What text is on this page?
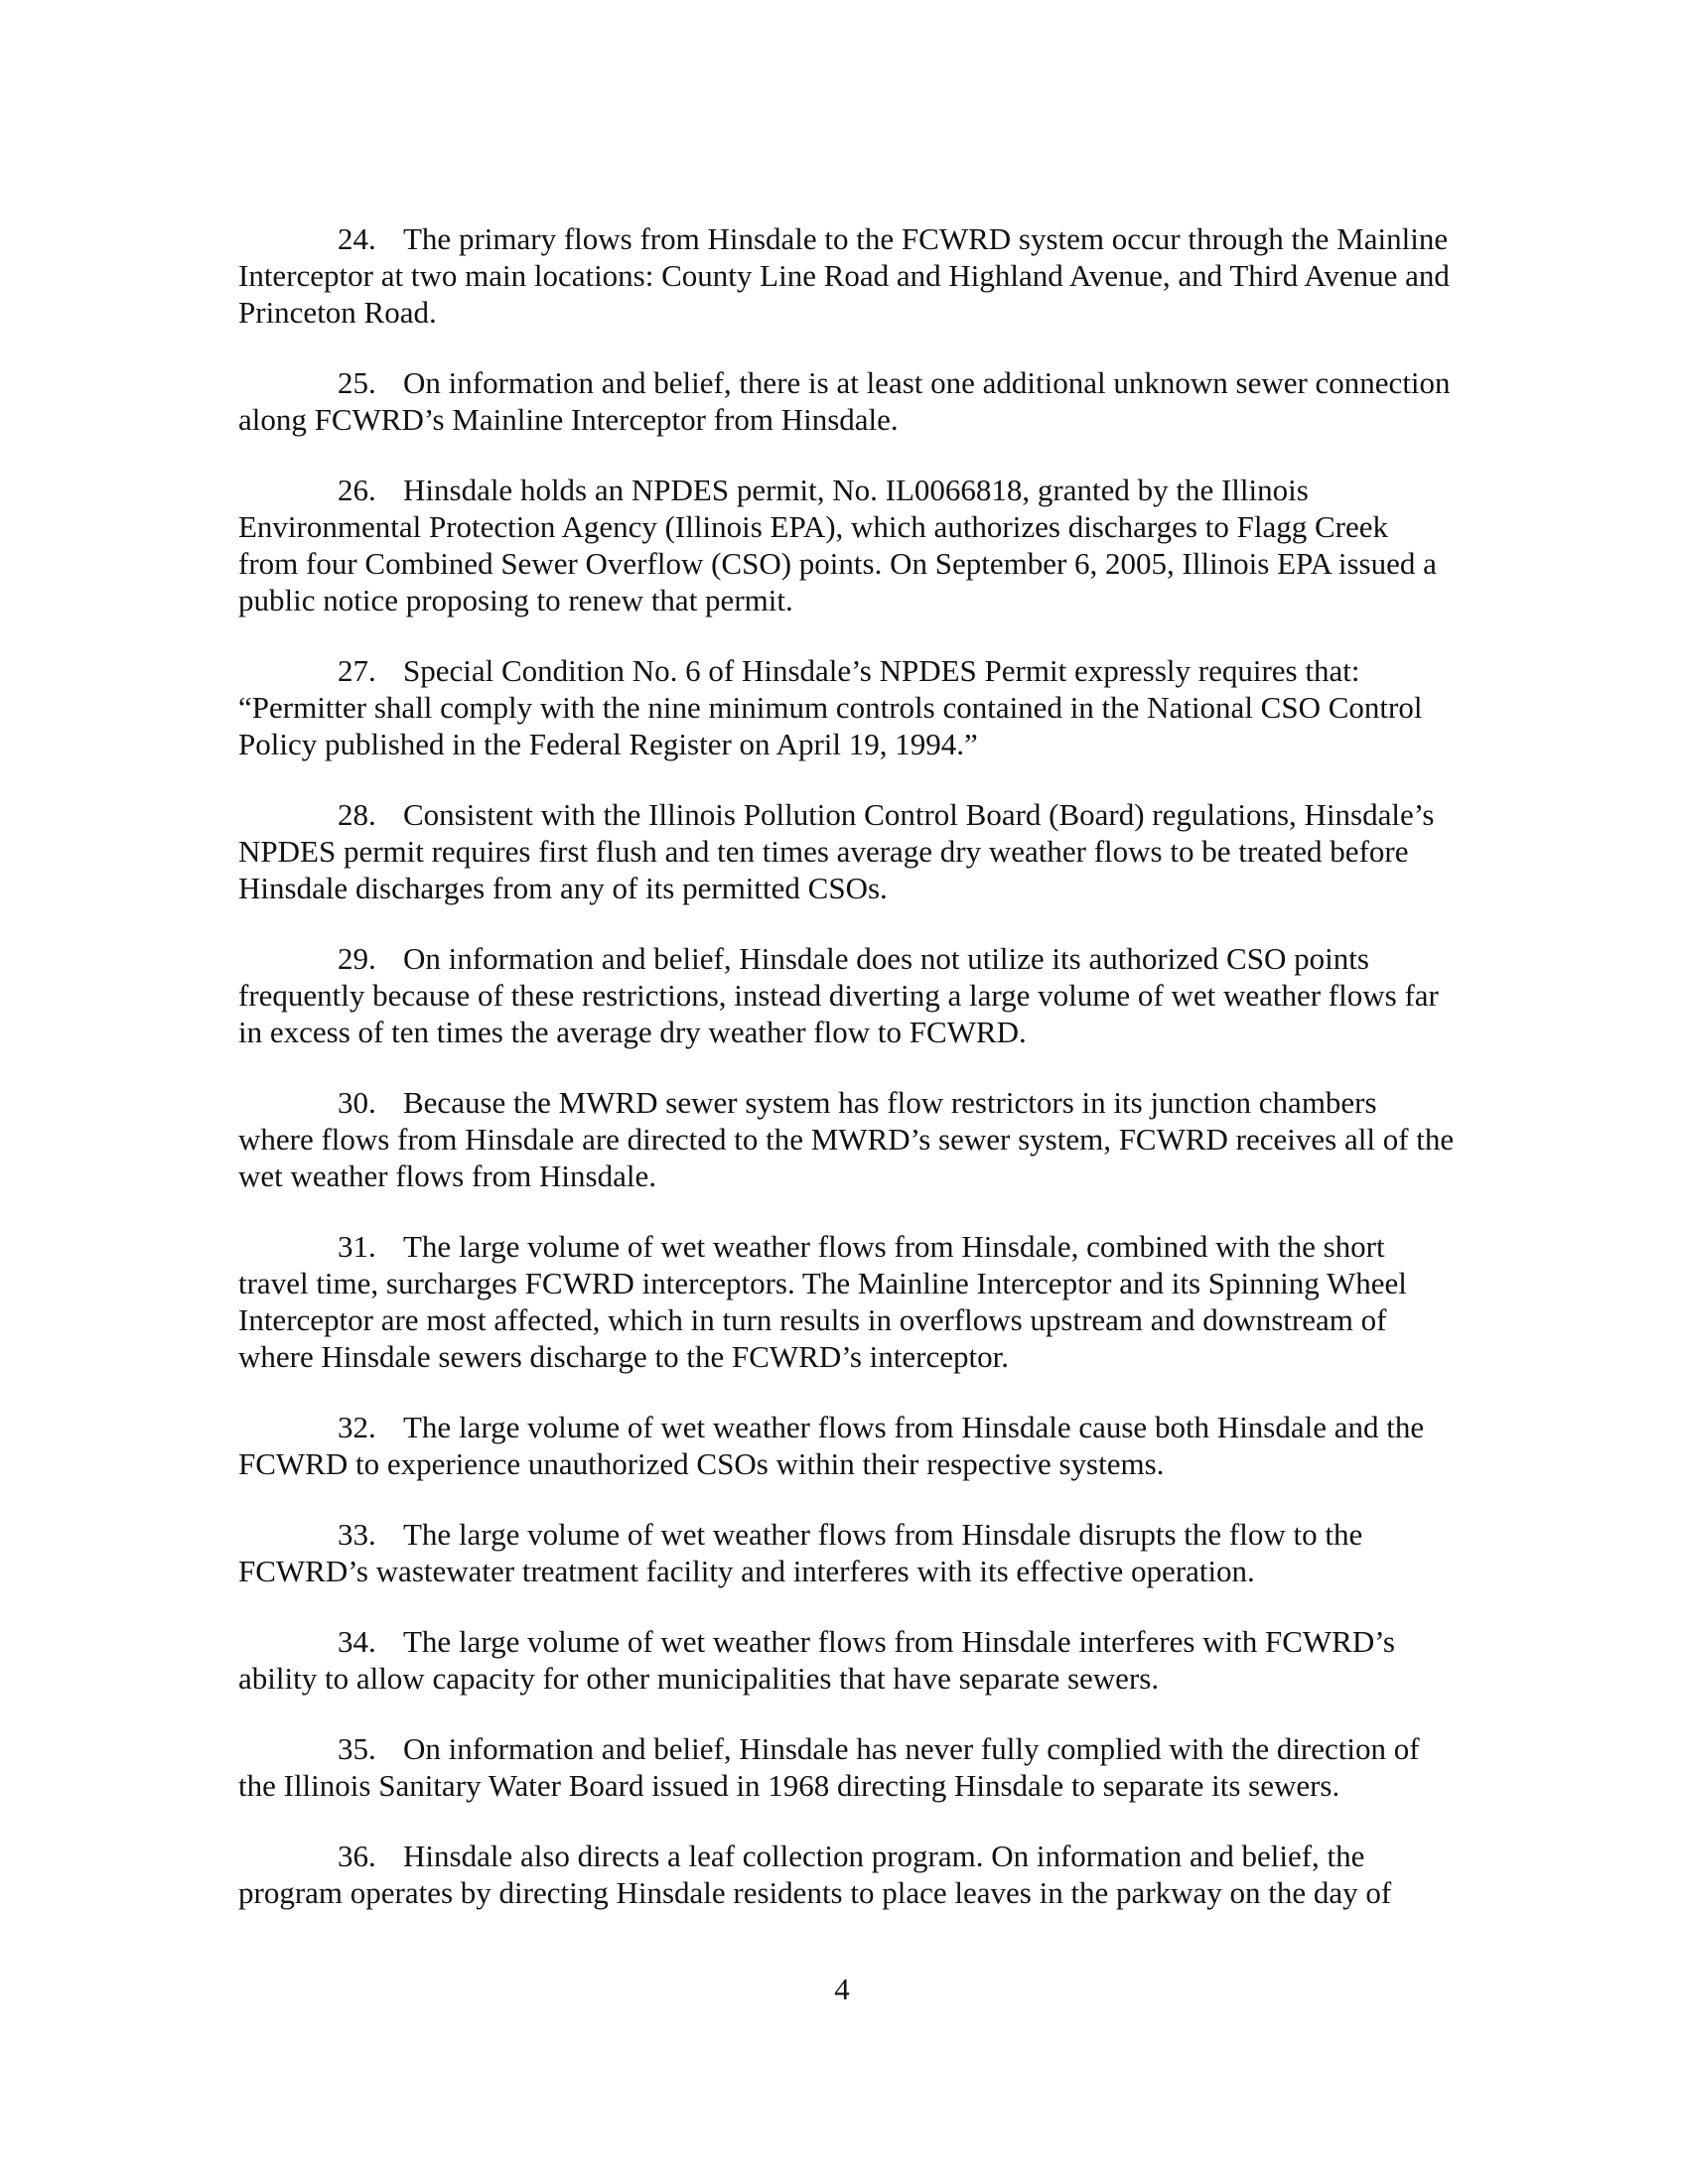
24. The primary flows from Hinsdale to the FCWRD system occur through the Mainline Interceptor at two main locations: County Line Road and Highland Avenue, and Third Avenue and Princeton Road.

25. On information and belief, there is at least one additional unknown sewer connection along FCWRD’s Mainline Interceptor from Hinsdale.

26. Hinsdale holds an NPDES permit, No. IL0066818, granted by the Illinois Environmental Protection Agency (Illinois EPA), which authorizes discharges to Flagg Creek from four Combined Sewer Overflow (CSO) points. On September 6, 2005, Illinois EPA issued a public notice proposing to renew that permit.

27. Special Condition No. 6 of Hinsdale’s NPDES Permit expressly requires that: “Permitter shall comply with the nine minimum controls contained in the National CSO Control Policy published in the Federal Register on April 19, 1994.”

28. Consistent with the Illinois Pollution Control Board (Board) regulations, Hinsdale’s NPDES permit requires first flush and ten times average dry weather flows to be treated before Hinsdale discharges from any of its permitted CSOs.

29. On information and belief, Hinsdale does not utilize its authorized CSO points frequently because of these restrictions, instead diverting a large volume of wet weather flows far in excess of ten times the average dry weather flow to FCWRD.

30. Because the MWRD sewer system has flow restrictors in its junction chambers where flows from Hinsdale are directed to the MWRD’s sewer system, FCWRD receives all of the wet weather flows from Hinsdale.

31. The large volume of wet weather flows from Hinsdale, combined with the short travel time, surcharges FCWRD interceptors. The Mainline Interceptor and its Spinning Wheel Interceptor are most affected, which in turn results in overflows upstream and downstream of where Hinsdale sewers discharge to the FCWRD’s interceptor.

32. The large volume of wet weather flows from Hinsdale cause both Hinsdale and the FCWRD to experience unauthorized CSOs within their respective systems.

33. The large volume of wet weather flows from Hinsdale disrupts the flow to the FCWRD’s wastewater treatment facility and interferes with its effective operation.

34. The large volume of wet weather flows from Hinsdale interferes with FCWRD’s ability to allow capacity for other municipalities that have separate sewers.

35. On information and belief, Hinsdale has never fully complied with the direction of the Illinois Sanitary Water Board issued in 1968 directing Hinsdale to separate its sewers.

36. Hinsdale also directs a leaf collection program. On information and belief, the program operates by directing Hinsdale residents to place leaves in the parkway on the day of

4
